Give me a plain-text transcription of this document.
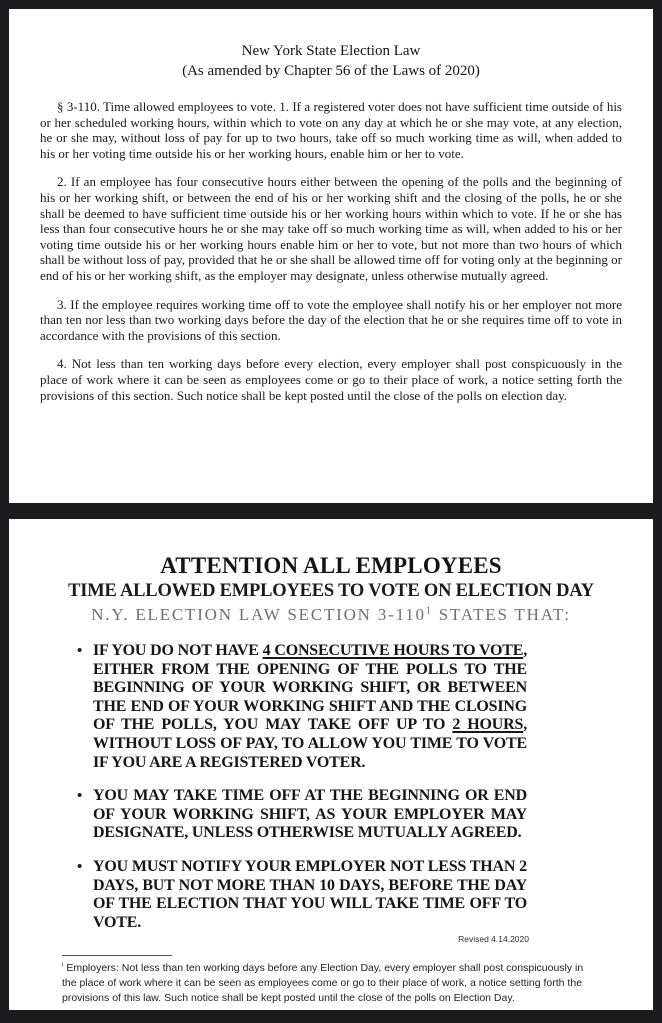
New York State Election Law
(As amended by Chapter 56 of the Laws of 2020)

§ 3-110. Time allowed employees to vote. 1. If a registered voter does not have sufficient time outside of his or her scheduled working hours, within which to vote on any day at which he or she may vote, at any election, he or she may, without loss of pay for up to two hours, take off so much working time as will, when added to his or her voting time outside his or her working hours, enable him or her to vote.

2. If an employee has four consecutive hours either between the opening of the polls and the beginning of his or her working shift, or between the end of his or her working shift and the closing of the polls, he or she shall be deemed to have sufficient time outside his or her working hours within which to vote. If he or she has less than four consecutive hours he or she may take off so much working time as will, when added to his or her voting time outside his or her working hours enable him or her to vote, but not more than two hours of which shall be without loss of pay, provided that he or she shall be allowed time off for voting only at the beginning or end of his or her working shift, as the employer may designate, unless otherwise mutually agreed.

3. If the employee requires working time off to vote the employee shall notify his or her employer not more than ten nor less than two working days before the day of the election that he or she requires time off to vote in accordance with the provisions of this section.

4. Not less than ten working days before every election, every employer shall post conspicuously in the place of work where it can be seen as employees come or go to their place of work, a notice setting forth the provisions of this section. Such notice shall be kept posted until the close of the polls on election day.

ATTENTION ALL EMPLOYEES
TIME ALLOWED EMPLOYEES TO VOTE ON ELECTION DAY
N.Y. ELECTION LAW SECTION $3-110^1$ STATES THAT:
• IF YOU DO NOT HAVE 4 CONSECUTIVE HOURS TO VOTE, EITHER FROM THE OPENING OF THE POLLS TO THE BEGINNING OF YOUR WORKING SHIFT, OR BETWEEN THE END OF YOUR WORKING SHIFT AND THE CLOSING OF THE POLLS, YOU MAY TAKE OFF UP TO 2 HOURS, WITHOUT LOSS OF PAY, TO ALLOW YOU TIME TO VOTE IF YOU ARE A REGISTERED VOTER.
• YOU MAY TAKE TIME OFF AT THE BEGINNING OR END OF YOUR WORKING SHIFT, AS YOUR EMPLOYER MAY DESIGNATE, UNLESS OTHERWISE MUTUALLY AGREED.
• YOU MUST NOTIFY YOUR EMPLOYER NOT LESS THAN 2 DAYS, BUT NOT MORE THAN 10 DAYS, BEFORE THE DAY OF THE ELECTION THAT YOU WILL TAKE TIME OFF TO VOTE.
Revised 4.14.2020
$^i$ Employers: Not less than ten working days before any Election Day, every employer shall post conspicuously in the place of work where it can be seen as employees come or go to their place of work, a notice setting forth the provisions of this law. Such notice shall be kept posted until the close of the polls on Election Day.
